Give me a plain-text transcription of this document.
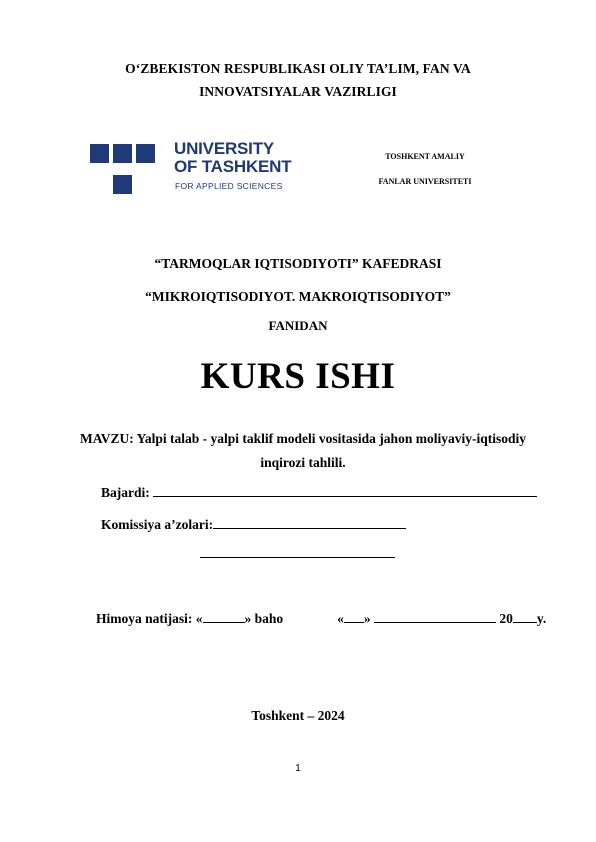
O‘ZBEKISTON RESPUBLIKASI OLIY TA’LIM, FAN VA
INNOVATSIYALAR VAZIRLIGI
UNIVERSITY
OF TASHKENT
FOR APPLIED SCIENCES
TOSHKENT AMALIY
FANLAR UNIVERSITETI
“TARMOQLAR IQTISODIYOTI” KAFEDRASI
“MIKROIQTISODIYOT. MAKROIQTISODIYOT”
FANIDAN
KURS ISHI
MAVZU: Yalpi talab - yalpi taklif modeli vositasida jahon moliyaviy-iqtisodiy
inqirozi tahlili.
Bajardi:
Komissiya a’zolari:
Himoya natijasi: «	» baho	« »	20 y.
Toshkent – 2024
1
